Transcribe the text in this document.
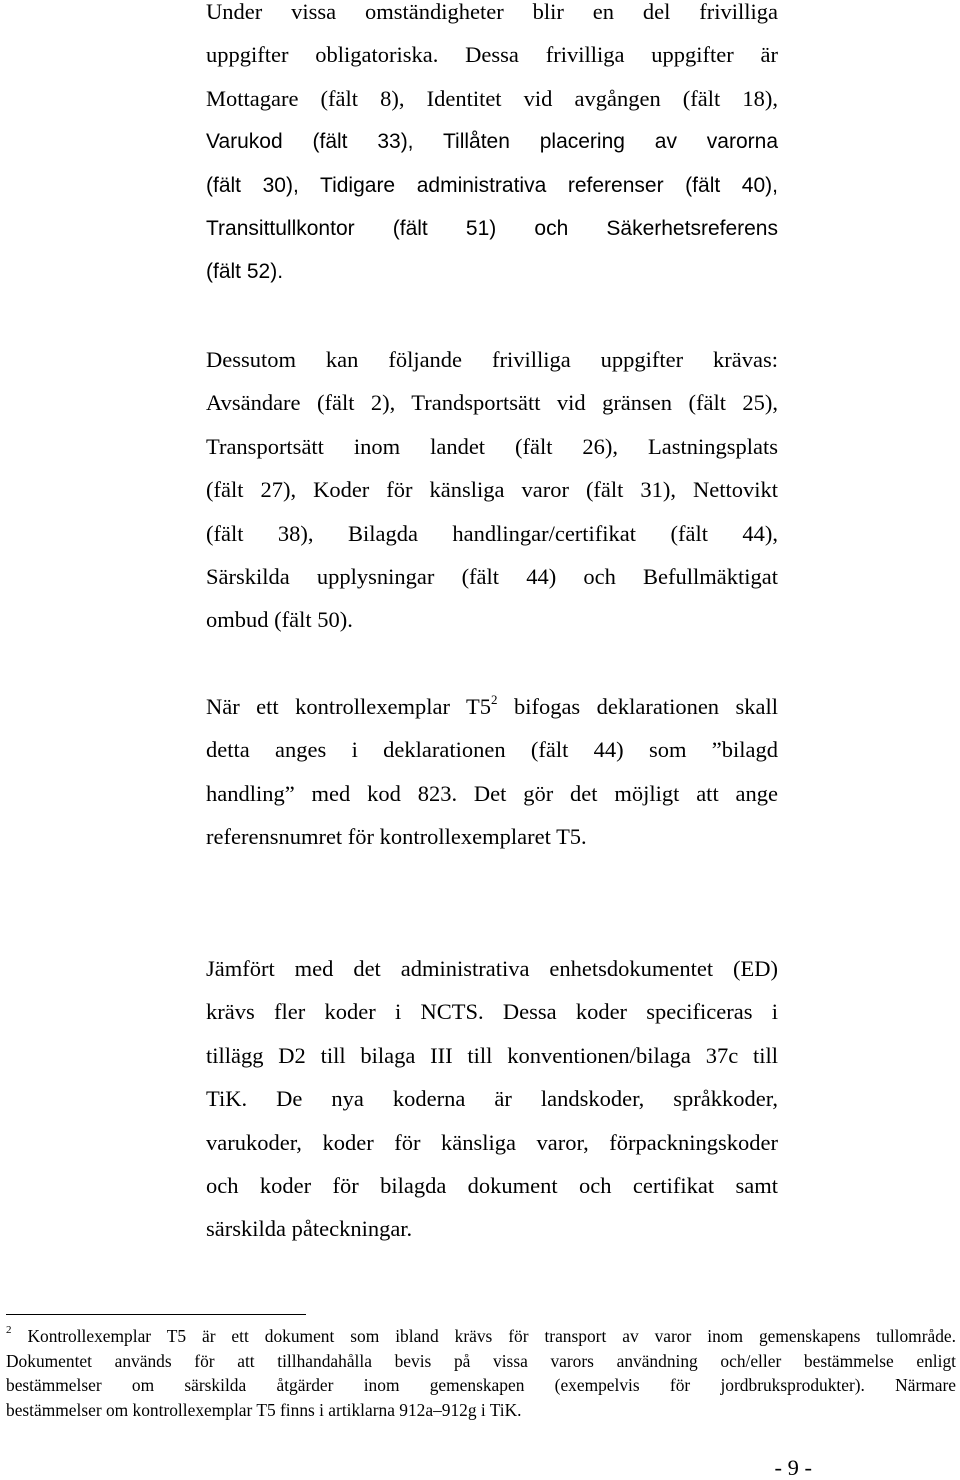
Under vissa omständigheter blir en del frivilliga
uppgifter obligatoriska. Dessa frivilliga uppgifter är
Mottagare (fält 8), Identitet vid avgången (fält 18),
Varukod (fält 33), Tillåten placering av varorna
(fält 30), Tidigare administrativa referenser (fält 40),
Transittullkontor (fält 51) och Säkerhetsreferens
(fält 52).
Dessutom kan följande frivilliga uppgifter krävas:
Avsändare (fält 2), Trandsportsätt vid gränsen (fält 25),
Transportsätt inom landet (fält 26), Lastningsplats
(fält 27), Koder för känsliga varor (fält 31), Nettovikt
(fält 38), Bilagda handlingar/certifikat (fält 44),
Särskilda upplysningar (fält 44) och Befullmäktigat
ombud (fält 50).
När ett kontrollexemplar $T5^2$ bifogas deklarationen skall
detta anges i deklarationen (fält 44) som ”bilagd
handling” med kod 823. Det gör det möjligt att ange
referensnumret för kontrollexemplaret T5.
Jämfört med det administrativa enhetsdokumentet (ED)
krävs fler koder i NCTS. Dessa koder specificeras i
tillägg D2 till bilaga III till konventionen/bilaga 37c till
TiK. De nya koderna är landskoder, språkkoder,
varukoder, koder för känsliga varor, förpackningskoder
och koder för bilagda dokument och certifikat samt
särskilda påteckningar.
$^2$ Kontrollexemplar T5 är ett dokument som ibland krävs för transport av varor inom gemenskapens tullområde.
Dokumentet används för att tillhandahålla bevis på vissa varors användning och/eller bestämmelse enligt
bestämmelser om särskilda åtgärder inom gemenskapen (exempelvis för jordbruksprodukter). Närmare
bestämmelser om kontrollexemplar T5 finns i artiklarna 912a–912g i TiK.
- 9 -
